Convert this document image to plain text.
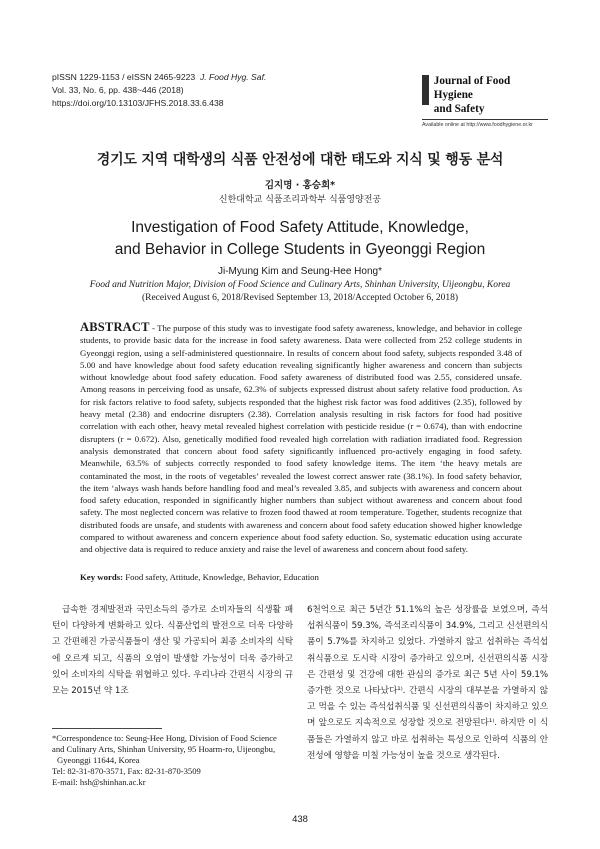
pISSN 1229-1153 / eISSN 2465-9223 J. Food Hyg. Saf.
Vol. 33, No. 6, pp. 438~446 (2018)
https://doi.org/10.13103/JFHS.2018.33.6.438
Journal of Food Hygiene
and Safety
Available online at http://www.foodhygiene.or.kr
경기도 지역 대학생의 식품 안전성에 대한 태도와 지식 및 행동 분석
김지명 · 홍승희*
신한대학교 식품조리과학부 식품영양전공
Investigation of Food Safety Attitude, Knowledge,
and Behavior in College Students in Gyeonggi Region
Ji-Myung Kim and Seung-Hee Hong*
Food and Nutrition Major, Division of Food Science and Culinary Arts, Shinhan University, Uijeongbu, Korea
(Received August 6, 2018/Revised September 13, 2018/Accepted October 6, 2018)
ABSTRACT - The purpose of this study was to investigate food safety awareness, knowledge, and behavior in college students, to provide basic data for the increase in food safety awareness. Data were collected from 252 college students in Gyeonggi region, using a self-administered questionnaire. In results of concern about food safety, subjects responded 3.48 of 5.00 and have knowledge about food safety education revealing significantly higher awareness and concern than subjects without knowledge about food safety education. Food safety awareness of distributed food was 2.55, considered unsafe. Among reasons in perceiving food as unsafe, 62.3% of subjects expressed distrust about safety relative food production. As for risk factors relative to food safety, subjects responded that the highest risk factor was food additives (2.35), followed by heavy metal (2.38) and endocrine disrupters (2.38). Correlation analysis resulting in risk factors for food had positive correlation with each other, heavy metal revealed highest correlation with pesticide residue (r = 0.674), than with endocrine disrupters (r = 0.672). Also, genetically modified food revealed high correlation with radiation irradiated food. Regression analysis demonstrated that concern about food safety significantly influenced pro-actively engaging in food safety. Meanwhile, 63.5% of subjects correctly responded to food safety knowledge items. The item ‘the heavy metals are contaminated the most, in the roots of vegetables’ revealed the lowest correct answer rate (38.1%). In food safety behavior, the item ‘always wash hands before handling food and meal’s revealed 3.85, and subjects with awareness and concern about food safety education, responded in significantly higher numbers than subject without awareness and concern about food safety. The most neglected concern was relative to frozen food thawed at room temperature. Together, students recognize that distributed foods are unsafe, and students with awareness and concern about food safety education showed higher knowledge compared to without awareness and concern experience about food safety eduction. So, systematic education using accurate and objective data is required to reduce anxiety and raise the level of awareness and concern about food safety.
Key words: Food safety, Attitude, Knowledge, Behavior, Education

급속한 경제발전과 국민소득의 증가로 소비자들의 식생활 패턴이 다양하게 변화하고 있다. 식품산업의 발전으로 더욱 다양하고 간편해진 가공식품들이 생산 및 가공되어 최종 소비자의 식탁에 오르게 되고, 식품의 오염이 발생할 가능성이 더욱 증가하고 있어 소비자의 식탁을 위협하고 있다. 우리나라 간편식 시장의 규모는 2015년 약 1조

6천억으로 최근 5년간 51.1%의 높은 성장률을 보였으며, 즉석섭취식품이 59.3%, 즉석조리식품이 34.9%, 그리고 신선편의식품이 5.7%를 차지하고 있었다. 가열하지 않고 섭취하는 즉석섭취식품으로 도시락 시장이 증가하고 있으며, 신선편의식품 시장은 간편성 및 건강에 대한 관심의 증가로 최근 5년 사이 59.1% 증가한 것으로 나타났다¹⁾. 간편식 시장의 대부분을 가열하지 않고 먹을 수 있는 즉석섭취식품 및 신선편의식품이 차지하고 있으며 앞으로도 지속적으로 성장할 것으로 전망된다¹⁾. 하지만 이 식품들은 가열하지 않고 바로 섭취하는 특성으로 인하여 식품의 안전성에 영향을 미칠 가능성이 높을 것으로 생각된다.

*Correspondence to: Seung-Hee Hong, Division of Food Science
and Culinary Arts, Shinhan University, 95 Hoarm-ro, Uijeongbu,
Gyeonggi 11644, Korea
Tel: 82-31-870-3571, Fax: 82-31-870-3509
E-mail: hsh@shinhan.ac.kr
438
